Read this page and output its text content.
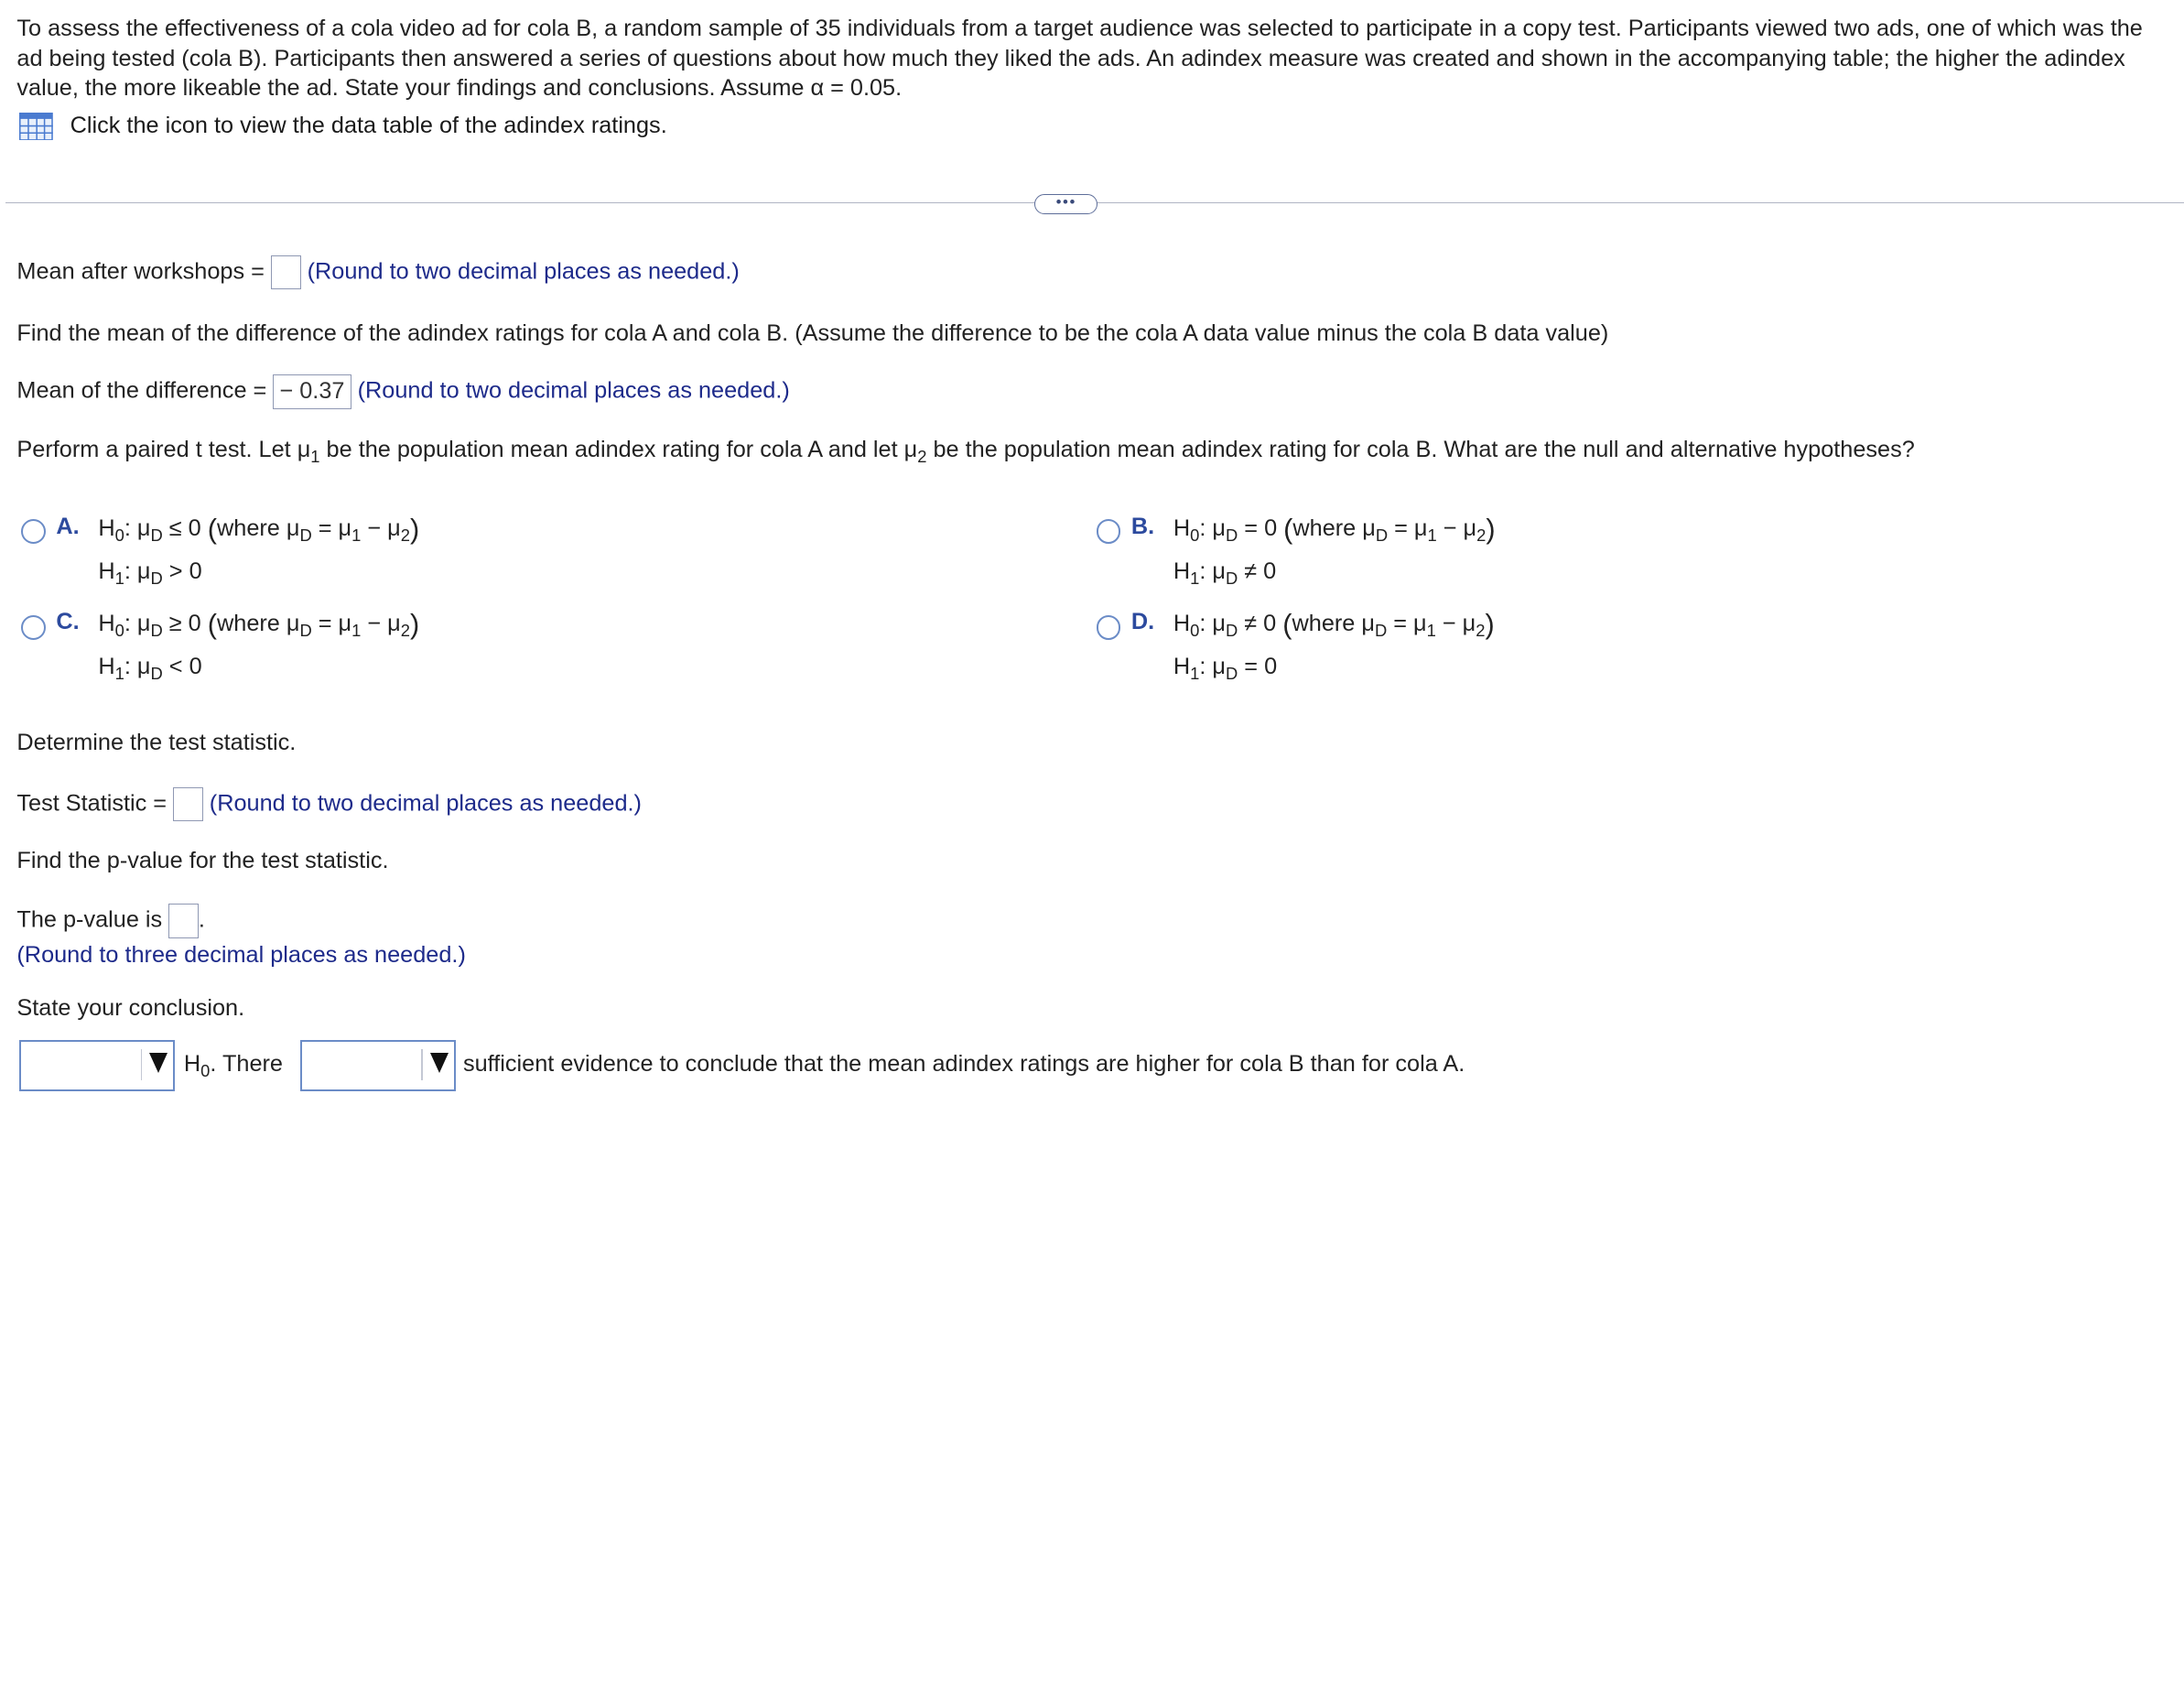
To assess the effectiveness of a cola video ad for cola B, a random sample of 35 individuals from a target audience was selected to participate in a copy test. Participants viewed two ads, one of which was the ad being tested (cola B). Participants then answered a series of questions about how much they liked the ads. An adindex measure was created and shown in the accompanying table; the higher the adindex value, the more likeable the ad. State your findings and conclusions. Assume α = 0.05.
Click the icon to view the data table of the adindex ratings.
•••
Mean after workshops =	(Round to two decimal places as needed.)
Find the mean of the difference of the adindex ratings for cola A and cola B. (Assume the difference to be the cola A data value minus the cola B data value)
Mean of the difference = − 0.37 (Round to two decimal places as needed.)
Perform a paired t test. Let $\mu_1$ be the population mean adindex rating for cola A and let $\mu_2$ be the population mean adindex rating for cola B. What are the null and alternative hypotheses?
A. $H_0$: $\mu_D \le 0$ (where $\mu_D = \mu_1 - \mu_2$)
$H_1$: $\mu_D > 0$
B. $H_0$: $\mu_D = 0$ (where $\mu_D = \mu_1 - \mu_2$)
$H_1$: $\mu_D \ne 0$
C. $H_0$: $\mu_D \ge 0$ (where $\mu_D = \mu_1 - \mu_2$)
$H_1$: $\mu_D < 0$
D. $H_0$: $\mu_D \ne 0$ (where $\mu_D = \mu_1 - \mu_2$)
$H_1$: $\mu_D = 0$
Determine the test statistic.
Test Statistic =	(Round to two decimal places as needed.)
Find the p-value for the test statistic.
The p-value is .
(Round to three decimal places as needed.)
State your conclusion.
$H_0$. There	sufficient evidence to conclude that the mean adindex ratings are higher for cola B than for cola A.
